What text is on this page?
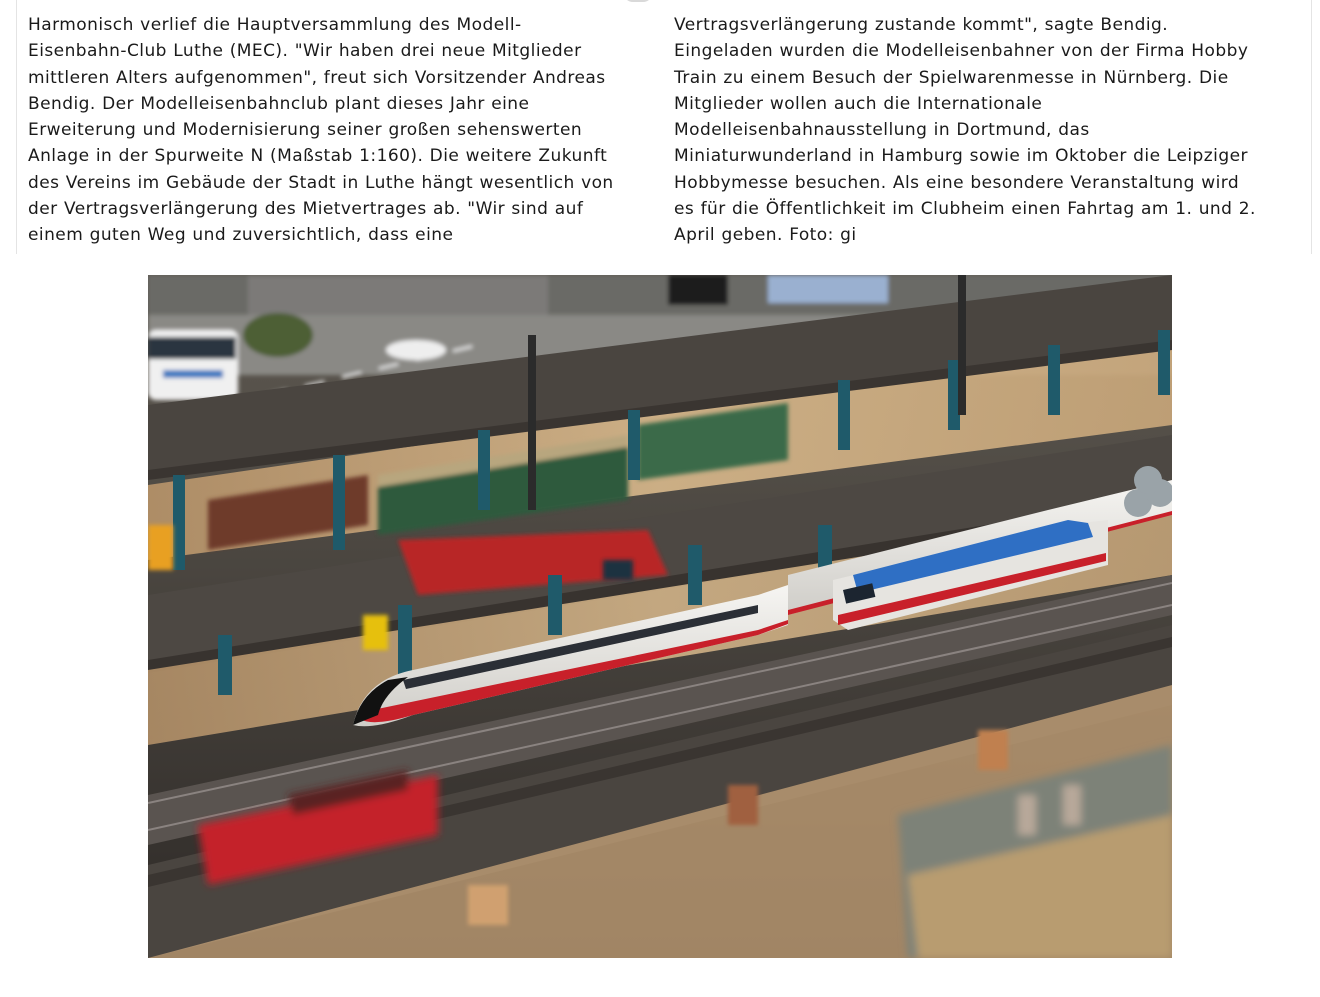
Harmonisch verlief die Hauptversammlung des Modell-
Eisenbahn-Club Luthe (MEC). "Wir haben drei neue Mitglieder
mittleren Alters aufgenommen", freut sich Vorsitzender Andreas
Bendig. Der Modelleisenbahnclub plant dieses Jahr eine
Erweiterung und Modernisierung seiner großen sehenswerten
Anlage in der Spurweite N (Maßstab 1:160). Die weitere Zukunft
des Vereins im Gebäude der Stadt in Luthe hängt wesentlich von
der Vertragsverlängerung des Mietvertrages ab. "Wir sind auf
einem guten Weg und zuversichtlich, dass eine
Vertragsverlängerung zustande kommt", sagte Bendig.
Eingeladen wurden die Modelleisenbahner von der Firma Hobby
Train zu einem Besuch der Spielwarenmesse in Nürnberg. Die
Mitglieder wollen auch die Internationale
Modelleisenbahnausstellung in Dortmund, das
Miniaturwunderland in Hamburg sowie im Oktober die Leipziger
Hobbymesse besuchen. Als eine besondere Veranstaltung wird
es für die Öffentlichkeit im Clubheim einen Fahrtag am 1. und 2.
April geben. Foto: gi
